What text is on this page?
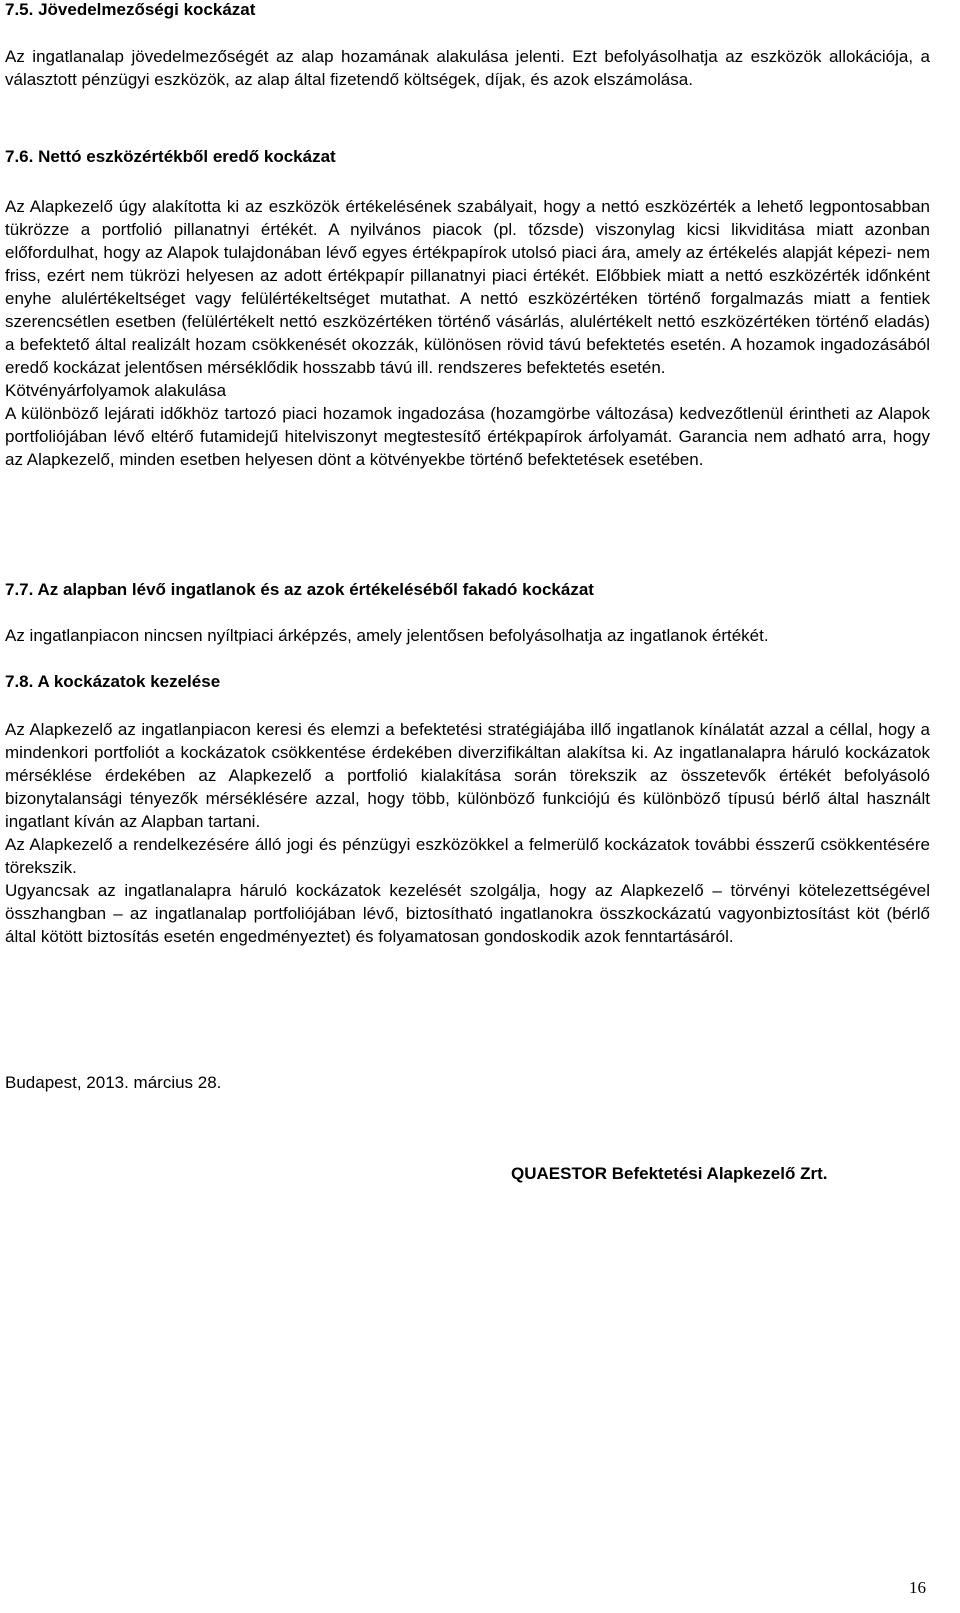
7.5. Jövedelmezőségi kockázat

Az ingatlanalap jövedelmezőségét az alap hozamának alakulása jelenti. Ezt befolyásolhatja az eszközök allokációja, a választott pénzügyi eszközök, az alap által fizetendő költségek, díjak, és azok elszámolása.

7.6. Nettó eszközértékből eredő kockázat

Az Alapkezelő úgy alakította ki az eszközök értékelésének szabályait, hogy a nettó eszközérték a lehető legpontosabban tükrözze a portfolió pillanatnyi értékét. A nyilvános piacok (pl. tőzsde) viszonylag kicsi likviditása miatt azonban előfordulhat, hogy az Alapok tulajdonában lévő egyes értékpapírok utolsó piaci ára, amely az értékelés alapját képezi- nem friss, ezért nem tükrözi helyesen az adott értékpapír pillanatnyi piaci értékét. Előbbiek miatt a nettó eszközérték időnként enyhe alulértékeltséget vagy felülértékeltséget mutathat. A nettó eszközértéken történő forgalmazás miatt a fentiek szerencsétlen esetben (felülértékelt nettó eszközértéken történő vásárlás, alulértékelt nettó eszközértéken történő eladás) a befektető által realizált hozam csökkenését okozzák, különösen rövid távú befektetés esetén. A hozamok ingadozásából eredő kockázat jelentősen mérséklődik hosszabb távú ill. rendszeres befektetés esetén.

Kötvényárfolyamok alakulása

A különböző lejárati időkhöz tartozó piaci hozamok ingadozása (hozamgörbe változása) kedvezőtlenül érintheti az Alapok portfoliójában lévő eltérő futamidejű hitelviszonyt megtestesítő értékpapírok árfolyamát. Garancia nem adható arra, hogy az Alapkezelő, minden esetben helyesen dönt a kötvényekbe történő befektetések esetében.

7.7. Az alapban lévő ingatlanok és az azok értékeléséből fakadó kockázat

Az ingatlanpiacon nincsen nyíltpiaci árképzés, amely jelentősen befolyásolhatja az ingatlanok értékét.

7.8. A kockázatok kezelése

Az Alapkezelő az ingatlanpiacon keresi és elemzi a befektetési stratégiájába illő ingatlanok kínálatát azzal a céllal, hogy a mindenkori portfoliót a kockázatok csökkentése érdekében diverzifikáltan alakítsa ki. Az ingatlanalapra háruló kockázatok mérséklése érdekében az Alapkezelő a portfolió kialakítása során törekszik az összetevők értékét befolyásoló bizonytalansági tényezők mérséklésére azzal, hogy több, különböző funkciójú és különböző típusú bérlő által használt ingatlant kíván az Alapban tartani.

Az Alapkezelő a rendelkezésére álló jogi és pénzügyi eszközökkel a felmerülő kockázatok további ésszerű csökkentésére törekszik.

Ugyancsak az ingatlanalapra háruló kockázatok kezelését szolgálja, hogy az Alapkezelő – törvényi kötelezettségével összhangban – az ingatlanalap portfoliójában lévő, biztosítható ingatlanokra összkockázatú vagyonbiztosítást köt (bérlő által kötött biztosítás esetén engedményeztet) és folyamatosan gondoskodik azok fenntartásáról.

Budapest, 2013. március 28.
QUAESTOR Befektetési Alapkezelő Zrt.
16
